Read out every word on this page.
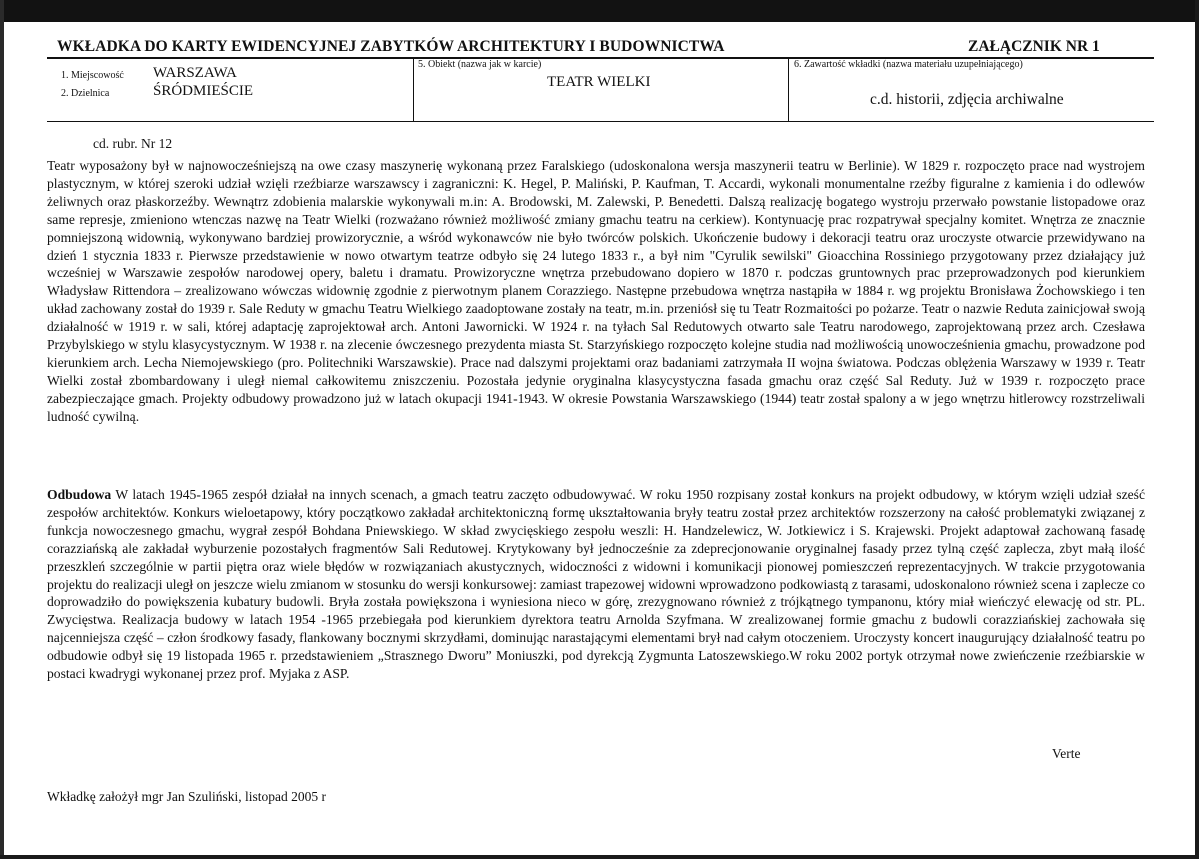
WKŁADKA DO KARTY EWIDENCYJNEJ ZABYTKÓW ARCHITEKTURY I BUDOWNICTWA	ZAŁĄCZNIK NR 1
1. Miejscowość WARSZAWA
2. Dzielnica	ŚRÓDMIEŚCIE
5. Obiekt (nazwa jak w karcie)
TEATR WIELKI
6. Zawartość wkładki (nazwa materiału uzupełniającego)
c.d. historii, zdjęcia archiwalne
cd. rubr. Nr 12
Teatr wyposażony był w najnowocześniejszą na owe czasy maszynerię wykonaną przez Faralskiego (udoskonalona wersja maszynerii teatru w Berlinie). W 1829 r. rozpoczęto prace nad wystrojem plastycznym, w której szeroki udział wzięli rzeźbiarze warszawscy i zagraniczni: K. Hegel, P. Maliński, P. Kaufman, T. Accardi, wykonali monumentalne rzeźby figuralne z kamienia i do odlewów żeliwnych oraz płaskorzeźby. Wewnątrz zdobienia malarskie wykonywali m.in: A. Brodowski, M. Zalewski, P. Benedetti. Dalszą realizację bogatego wystroju przerwało powstanie listopadowe oraz same represje, zmieniono wtenczas nazwę na Teatr Wielki (rozważano również możliwość zmiany gmachu teatru na cerkiew). Kontynuację prac rozpatrywał specjalny komitet. Wnętrza ze znacznie pomniejszoną widownią, wykonywano bardziej prowizorycznie, a wśród wykonawców nie było twórców polskich. Ukończenie budowy i dekoracji teatru oraz uroczyste otwarcie przewidywano na dzień 1 stycznia 1833 r. Pierwsze przedstawienie w nowo otwartym teatrze odbyło się 24 lutego 1833 r., a był nim "Cyrulik sewilski" Gioacchina Rossiniego przygotowany przez działający już wcześniej w Warszawie zespołów narodowej opery, baletu i dramatu. Prowizoryczne wnętrza przebudowano dopiero w 1870 r. podczas gruntownych prac przeprowadzonych pod kierunkiem Władysław Rittendora – zrealizowano wówczas widownię zgodnie z pierwotnym planem Corazziego. Następne przebudowa wnętrza nastąpiła w 1884 r. wg projektu Bronisława Żochowskiego i ten układ zachowany został do 1939 r. Sale Reduty w gmachu Teatru Wielkiego zaadoptowane zostały na teatr, m.in. przeniósł się tu Teatr Rozmaitości po pożarze. Teatr o nazwie Reduta zainicjował swoją działalność w 1919 r. w sali, której adaptację zaprojektował arch. Antoni Jawornicki. W 1924 r. na tyłach Sal Redutowych otwarto sale Teatru narodowego, zaprojektowaną przez arch. Czesława Przybylskiego w stylu klasycystycznym. W 1938 r. na zlecenie ówczesnego prezydenta miasta St. Starzyńskiego rozpoczęto kolejne studia nad możliwością unowocześnienia gmachu, prowadzone pod kierunkiem arch. Lecha Niemojewskiego (pro. Politechniki Warszawskie). Prace nad dalszymi projektami oraz badaniami zatrzymała II wojna światowa. Podczas oblężenia Warszawy w 1939 r. Teatr Wielki został zbombardowany i uległ niemal całkowitemu zniszczeniu. Pozostała jedynie oryginalna klasycystyczna fasada gmachu oraz część Sal Reduty. Już w 1939 r. rozpoczęto prace zabezpieczające gmach. Projekty odbudowy prowadzono już w latach okupacji 1941-1943. W okresie Powstania Warszawskiego (1944) teatr został spalony a w jego wnętrzu hitlerowcy rozstrzeliwali ludność cywilną.
Odbudowa W latach 1945-1965 zespół działał na innych scenach, a gmach teatru zaczęto odbudowywać. W roku 1950 rozpisany został konkurs na projekt odbudowy, w którym wzięli udział sześć zespołów architektów. Konkurs wieloetapowy, który początkowo zakładał architektoniczną formę ukształtowania bryły teatru został przez architektów rozszerzony na całość problematyki związanej z funkcja nowoczesnego gmachu, wygrał zespół Bohdana Pniewskiego. W skład zwycięskiego zespołu weszli: H. Handzelewicz, W. Jotkiewicz i S. Krajewski. Projekt adaptował zachowaną fasadę corazziańską ale zakładał wyburzenie pozostałych fragmentów Sali Redutowej. Krytykowany był jednocześnie za zdeprecjonowanie oryginalnej fasady przez tylną część zaplecza, zbyt małą ilość przeszkleń szczególnie w partii piętra oraz wiele błędów w rozwiązaniach akustycznych, widoczności z widowni i komunikacji pionowej pomieszczeń reprezentacyjnych. W trakcie przygotowania projektu do realizacji uległ on jeszcze wielu zmianom w stosunku do wersji konkursowej: zamiast trapezowej widowni wprowadzono podkowiastą z tarasami, udoskonalono również scena i zaplecze co doprowadziło do powiększenia kubatury budowli. Bryła została powiększona i wyniesiona nieco w górę, zrezygnowano również z trójkątnego tympanonu, który miał wieńczyć elewację od str. PL. Zwycięstwa. Realizacja budowy w latach 1954 -1965 przebiegała pod kierunkiem dyrektora teatru Arnolda Szyfmana. W zrealizowanej formie gmachu z budowli corazziańskiej zachowała się najcenniejsza część – człon środkowy fasady, flankowany bocznymi skrzydłami, dominując narastającymi elementami brył nad całym otoczeniem. Uroczysty koncert inaugurujący działalność teatru po odbudowie odbył się 19 listopada 1965 r. przedstawieniem „Strasznego Dworu” Moniuszki, pod dyrekcją Zygmunta Latoszewskiego.W roku 2002 portyk otrzymał nowe zwieńczenie rzeźbiarskie w postaci kwadrygi wykonanej przez prof. Myjaka z ASP.
Verte
Wkładkę założył mgr Jan Szuliński, listopad 2005 r
